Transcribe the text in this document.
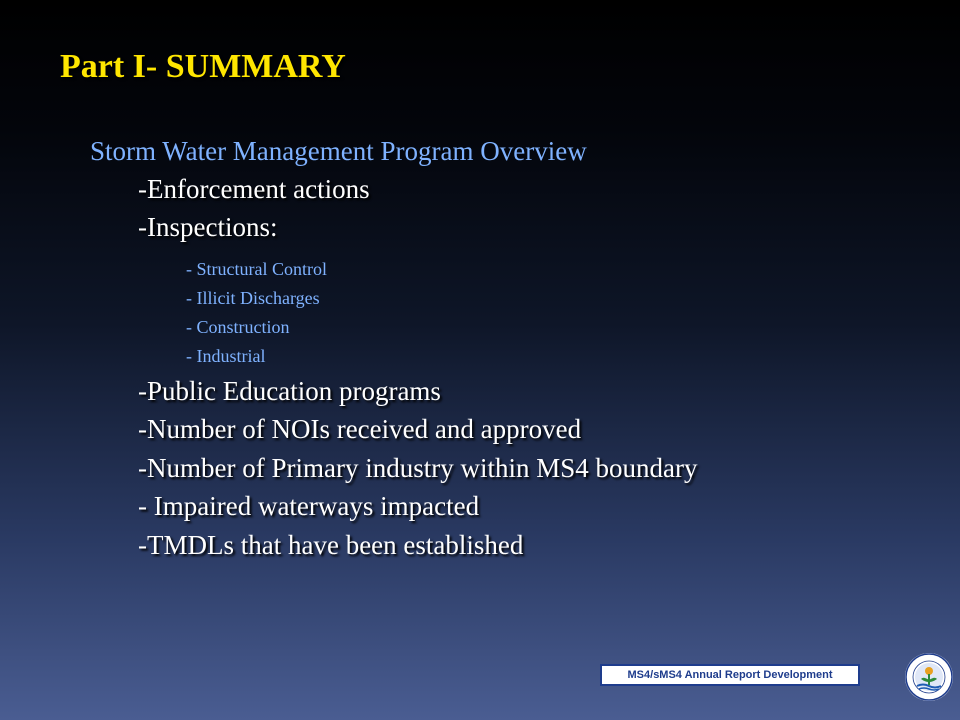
Part I- SUMMARY
Storm Water Management Program Overview
-Enforcement actions
-Inspections:
- Structural Control
- Illicit Discharges
- Construction
- Industrial
-Public Education programs
-Number of NOIs received and approved
-Number of Primary industry within MS4 boundary
- Impaired waterways impacted
-TMDLs that have been established
MS4/sMS4 Annual Report Development
